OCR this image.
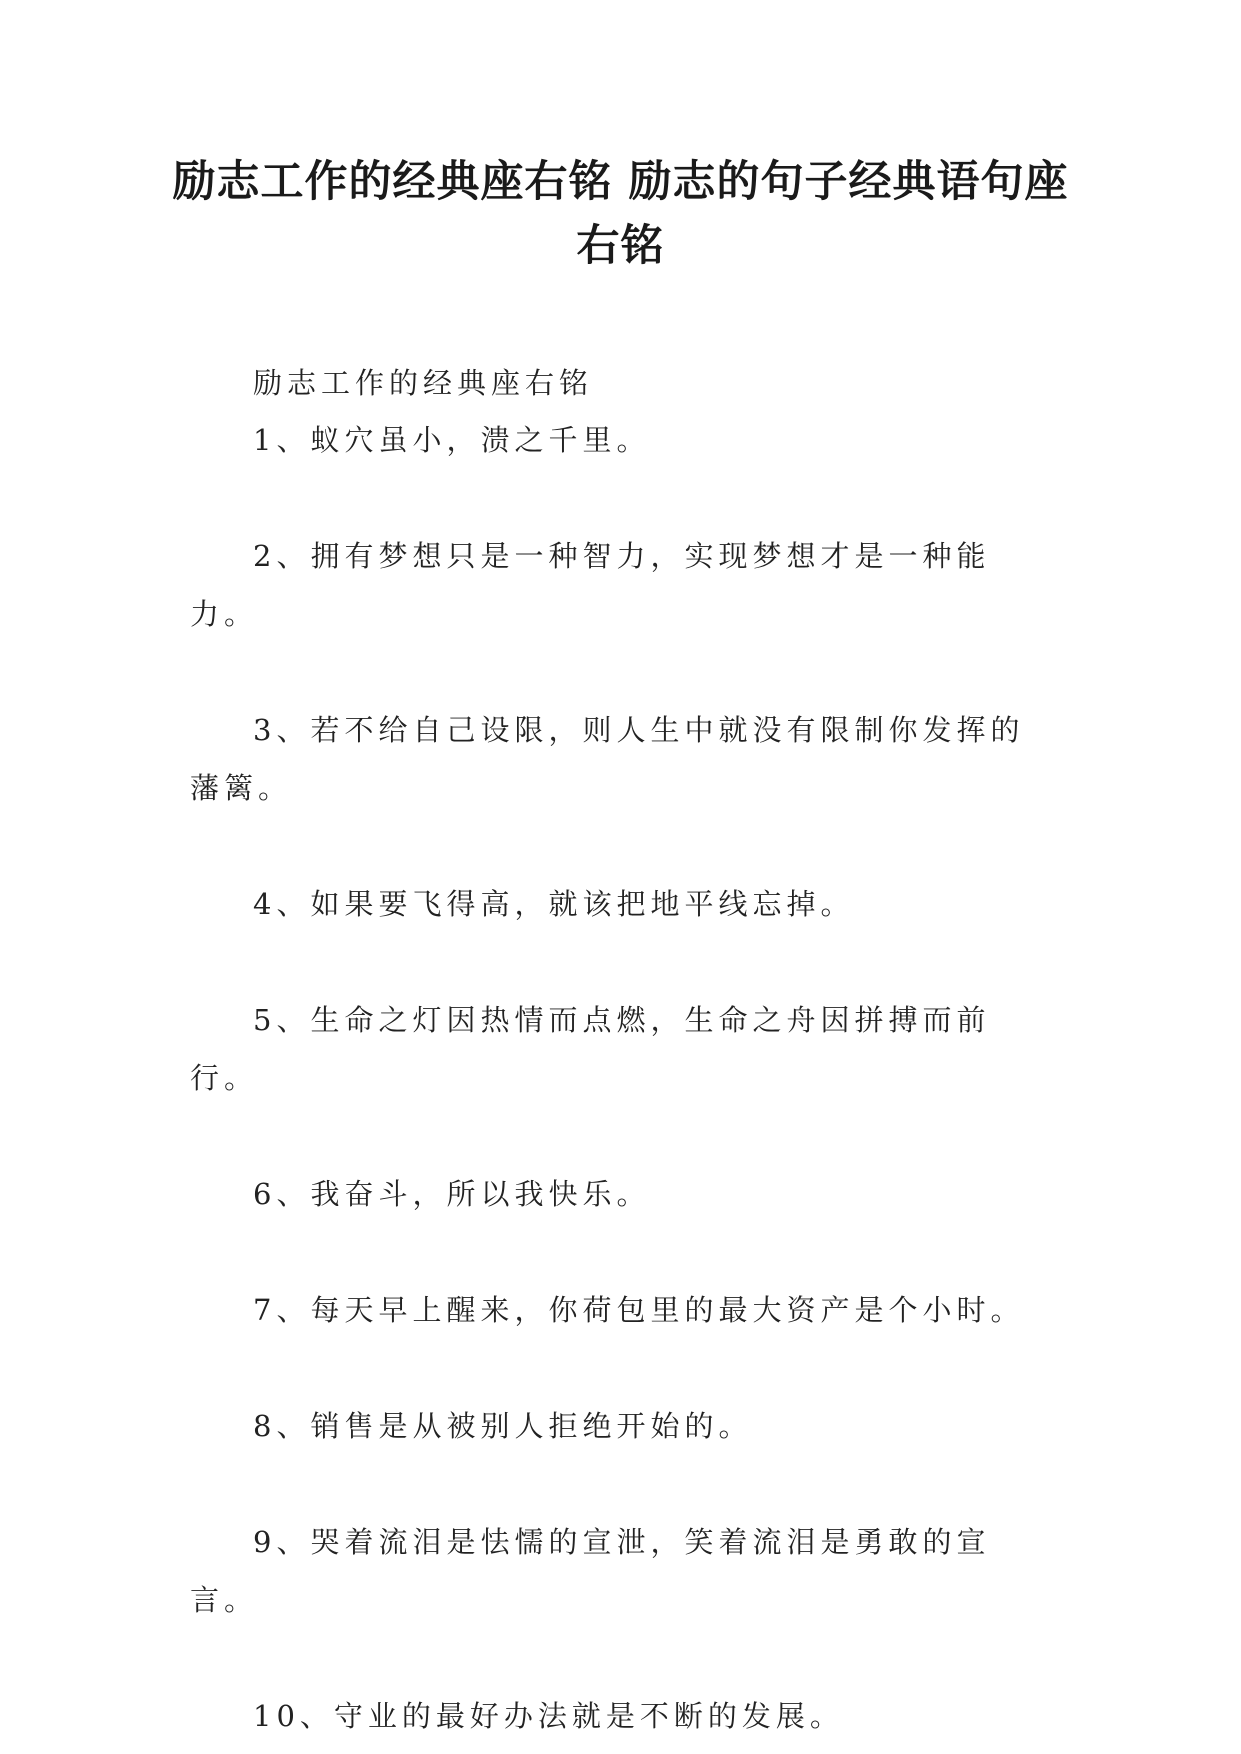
励志工作的经典座右铭 励志的句子经典语句座右铭

励志工作的经典座右铭

1、蚁穴虽小，溃之千里。

2、拥有梦想只是一种智力，实现梦想才是一种能力。

3、若不给自己设限，则人生中就没有限制你发挥的藩篱。

4、如果要飞得高，就该把地平线忘掉。

5、生命之灯因热情而点燃，生命之舟因拼搏而前行。

6、我奋斗，所以我快乐。

7、每天早上醒来，你荷包里的最大资产是个小时。

8、销售是从被别人拒绝开始的。

9、哭着流泪是怯懦的宣泄，笑着流泪是勇敢的宣言。

10、守业的最好办法就是不断的发展。
